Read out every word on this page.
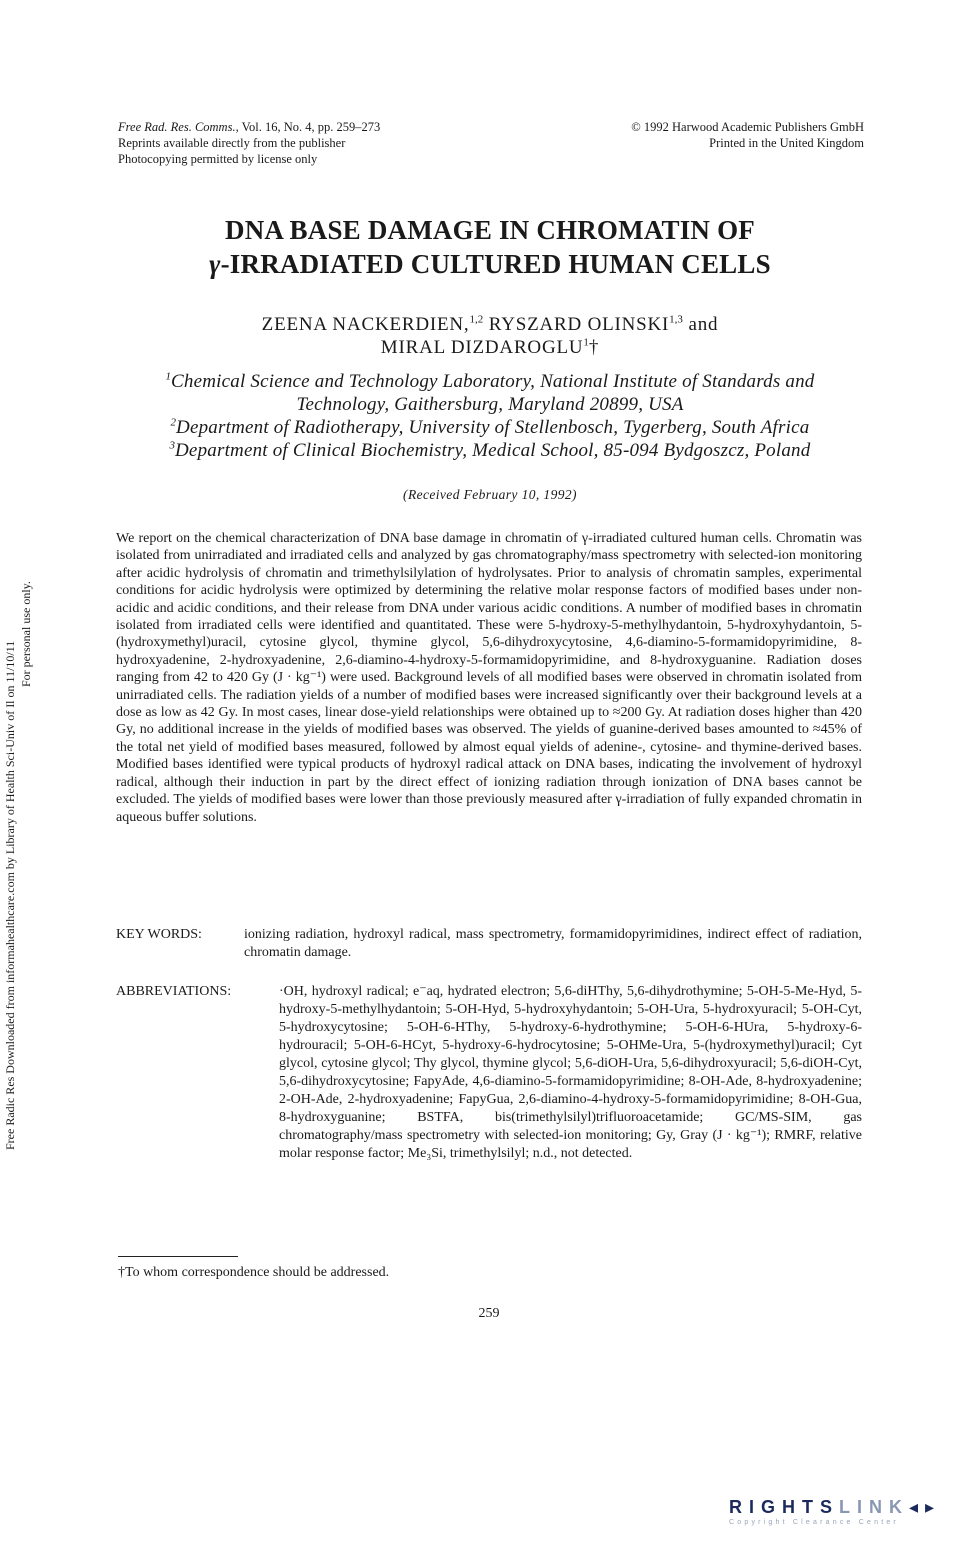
Free Rad. Res. Comms., Vol. 16, No. 4, pp. 259–273
Reprints available directly from the publisher
Photocopying permitted by license only
© 1992 Harwood Academic Publishers GmbH
Printed in the United Kingdom
DNA BASE DAMAGE IN CHROMATIN OF
γ-IRRADIATED CULTURED HUMAN CELLS
ZEENA NACKERDIEN,$^{1,2}$ RYSZARD OLINSKI$^{1,3}$ and
MIRAL DIZDAROGLU$^1$†
$^1$Chemical Science and Technology Laboratory, National Institute of Standards and
Technology, Gaithersburg, Maryland 20899, USA
$^2$Department of Radiotherapy, University of Stellenbosch, Tygerberg, South Africa
$^3$Department of Clinical Biochemistry, Medical School, 85-094 Bydgoszcz, Poland
(Received February 10, 1992)
We report on the chemical characterization of DNA base damage in chromatin of γ-irradiated cultured human cells. Chromatin was isolated from unirradiated and irradiated cells and analyzed by gas chromatography/mass spectrometry with selected-ion monitoring after acidic hydrolysis of chromatin and trimethylsilylation of hydrolysates. Prior to analysis of chromatin samples, experimental conditions for acidic hydrolysis were optimized by determining the relative molar response factors of modified bases under non-acidic and acidic conditions, and their release from DNA under various acidic conditions. A number of modified bases in chromatin isolated from irradiated cells were identified and quantitated. These were 5-hydroxy-5-methylhydantoin, 5-hydroxyhydantoin, 5-(hydroxymethyl)uracil, cytosine glycol, thymine glycol, 5,6-dihydroxycytosine, 4,6-diamino-5-formamidopyrimidine, 8-hydroxyadenine, 2-hydroxyadenine, 2,6-diamino-4-hydroxy-5-formamidopyrimidine, and 8-hydroxyguanine. Radiation doses ranging from 42 to 420 Gy (J · kg⁻¹) were used. Background levels of all modified bases were observed in chromatin isolated from unirradiated cells. The radiation yields of a number of modified bases were increased significantly over their background levels at a dose as low as 42 Gy. In most cases, linear dose-yield relationships were obtained up to ≈200 Gy. At radiation doses higher than 420 Gy, no additional increase in the yields of modified bases was observed. The yields of guanine-derived bases amounted to ≈45% of the total net yield of modified bases measured, followed by almost equal yields of adenine-, cytosine- and thymine-derived bases. Modified bases identified were typical products of hydroxyl radical attack on DNA bases, indicating the involvement of hydroxyl radical, although their induction in part by the direct effect of ionizing radiation through ionization of DNA bases cannot be excluded. The yields of modified bases were lower than those previously measured after γ-irradiation of fully expanded chromatin in aqueous buffer solutions.
KEY WORDS:	ionizing radiation, hydroxyl radical, mass spectrometry, formamidopyrimidines, indirect effect of radiation, chromatin damage.
ABBREVIATIONS:	·OH, hydroxyl radical; e⁻aq, hydrated electron; 5,6-diHThy, 5,6-dihydrothymine; 5-OH-5-Me-Hyd, 5-hydroxy-5-methylhydantoin; 5-OH-Hyd, 5-hydroxyhydantoin; 5-OH-Ura, 5-hydroxyuracil; 5-OH-Cyt, 5-hydroxycytosine; 5-OH-6-HThy, 5-hydroxy-6-hydrothymine; 5-OH-6-HUra, 5-hydroxy-6-hydrouracil; 5-OH-6-HCyt, 5-hydroxy-6-hydrocytosine; 5-OHMe-Ura, 5-(hydroxymethyl)uracil; Cyt glycol, cytosine glycol; Thy glycol, thymine glycol; 5,6-diOH-Ura, 5,6-dihydroxyuracil; 5,6-diOH-Cyt, 5,6-dihydroxycytosine; FapyAde, 4,6-diamino-5-formamidopyrimidine; 8-OH-Ade, 8-hydroxyadenine; 2-OH-Ade, 2-hydroxyadenine; FapyGua, 2,6-diamino-4-hydroxy-5-formamidopyrimidine; 8-OH-Gua, 8-hydroxyguanine; BSTFA, bis(trimethylsilyl)trifluoroacetamide; GC/MS-SIM, gas chromatography/mass spectrometry with selected-ion monitoring; Gy, Gray (J · kg⁻¹); RMRF, relative molar response factor; Me₃Si, trimethylsilyl; n.d., not detected.
†To whom correspondence should be addressed.
259
Free Radic Res Downloaded from informahealthcare.com by Library of Health Sci-Univ of Il on 11/10/11
For personal use only.
RIGHTSLINK◂▸
Copyright Clearance Center
